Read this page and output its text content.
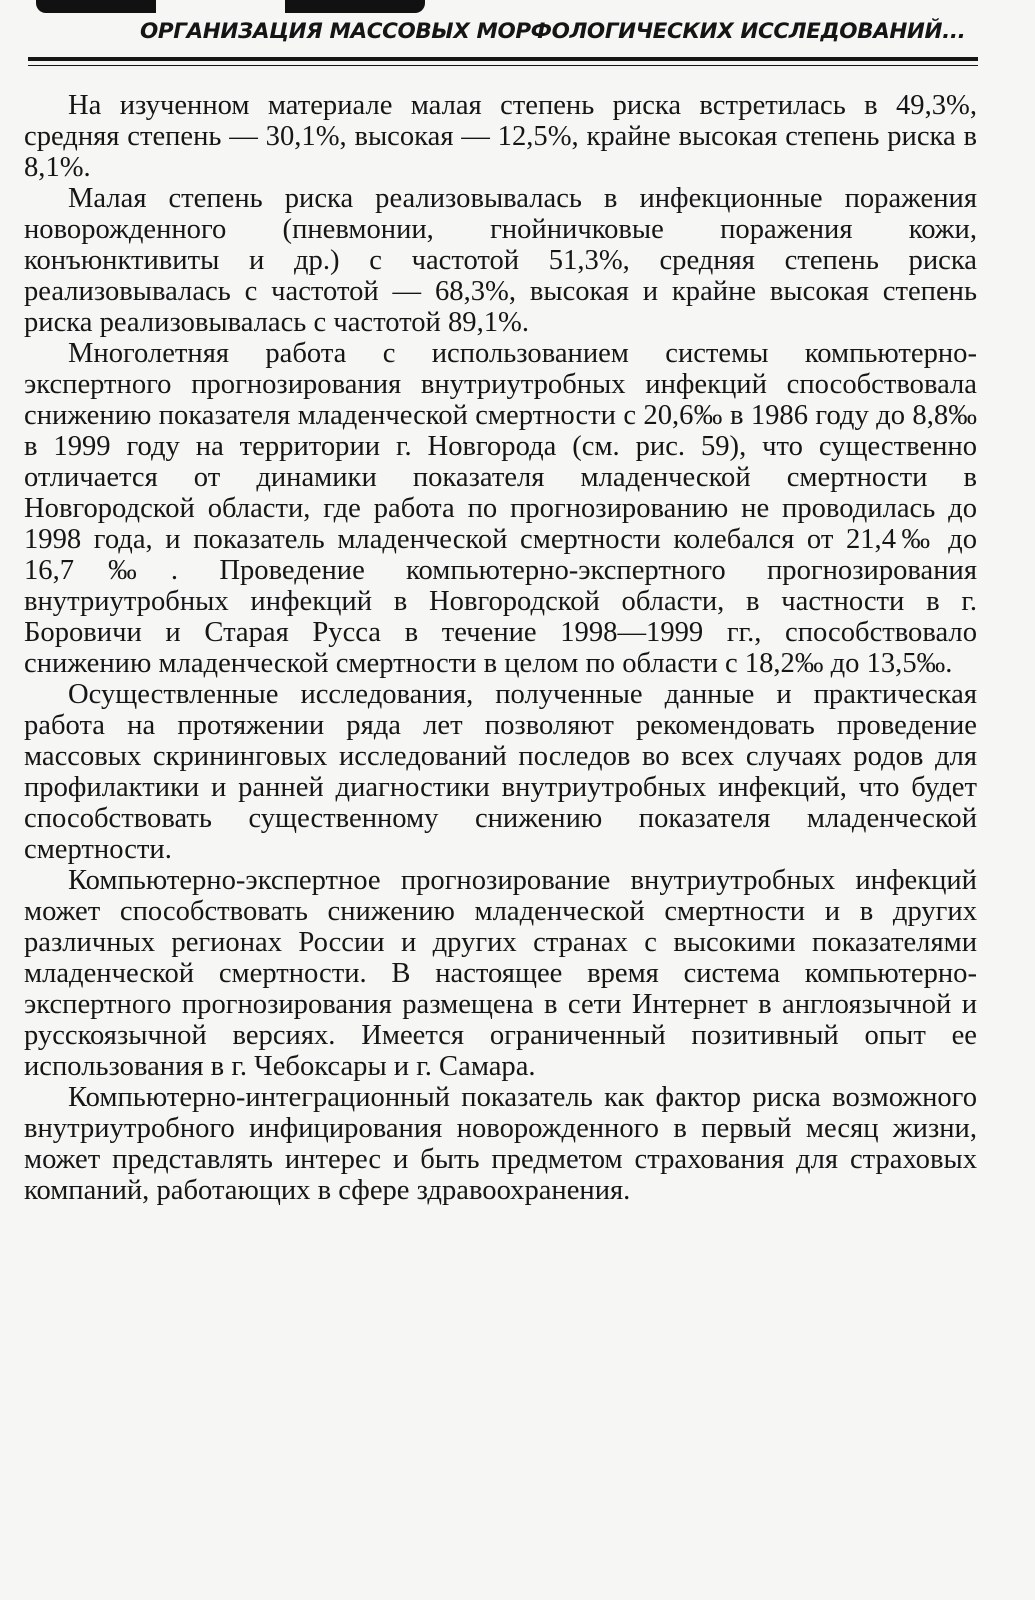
ОРГАНИЗАЦИЯ МАССОВЫХ МОРФОЛОГИЧЕСКИХ ИССЛЕДОВАНИЙ...

На изученном материале малая степень риска встретилась в 49,3%, средняя степень — 30,1%, высокая — 12,5%, крайне высокая степень риска в 8,1%.

Малая степень риска реализовывалась в инфекционные поражения новорожденного (пневмонии, гнойничковые поражения кожи, конъюнктивиты и др.) с частотой 51,3%, средняя степень риска реализовывалась с частотой — 68,3%, высокая и крайне высокая степень риска реализовывалась с частотой 89,1%.

Многолетняя работа с использованием системы компьютерно-экспертного прогнозирования внутриутробных инфекций способствовала снижению показателя младенческой смертности с 20,6‰ в 1986 году до 8,8‰ в 1999 году на территории г. Новгорода (см. рис. 59), что существенно отличается от динамики показателя младенческой смертности в Новгородской области, где работа по прогнозированию не проводилась до 1998 года, и показатель младенческой смертности колебался от 21,4‰ до 16,7‰. Проведение компьютерно-экспертного прогнозирования внутриутробных инфекций в Новгородской области, в частности в г. Боровичи и Старая Русса в течение 1998—1999 гг., способствовало снижению младенческой смертности в целом по области с 18,2‰ до 13,5‰.

Осуществленные исследования, полученные данные и практическая работа на протяжении ряда лет позволяют рекомендовать проведение массовых скрининговых исследований последов во всех случаях родов для профилактики и ранней диагностики внутриутробных инфекций, что будет способствовать существенному снижению показателя младенческой смертности.

Компьютерно-экспертное прогнозирование внутриутробных инфекций может способствовать снижению младенческой смертности и в других различных регионах России и других странах с высокими показателями младенческой смертности. В настоящее время система компьютерно-экспертного прогнозирования размещена в сети Интернет в англоязычной и русскоязычной версиях. Имеется ограниченный позитивный опыт ее использования в г. Чебоксары и г. Самара.

Компьютерно-интеграционный показатель как фактор риска возможного внутриутробного инфицирования новорожденного в первый месяц жизни, может представлять интерес и быть предметом страхования для страховых компаний, работающих в сфере здравоохранения.
